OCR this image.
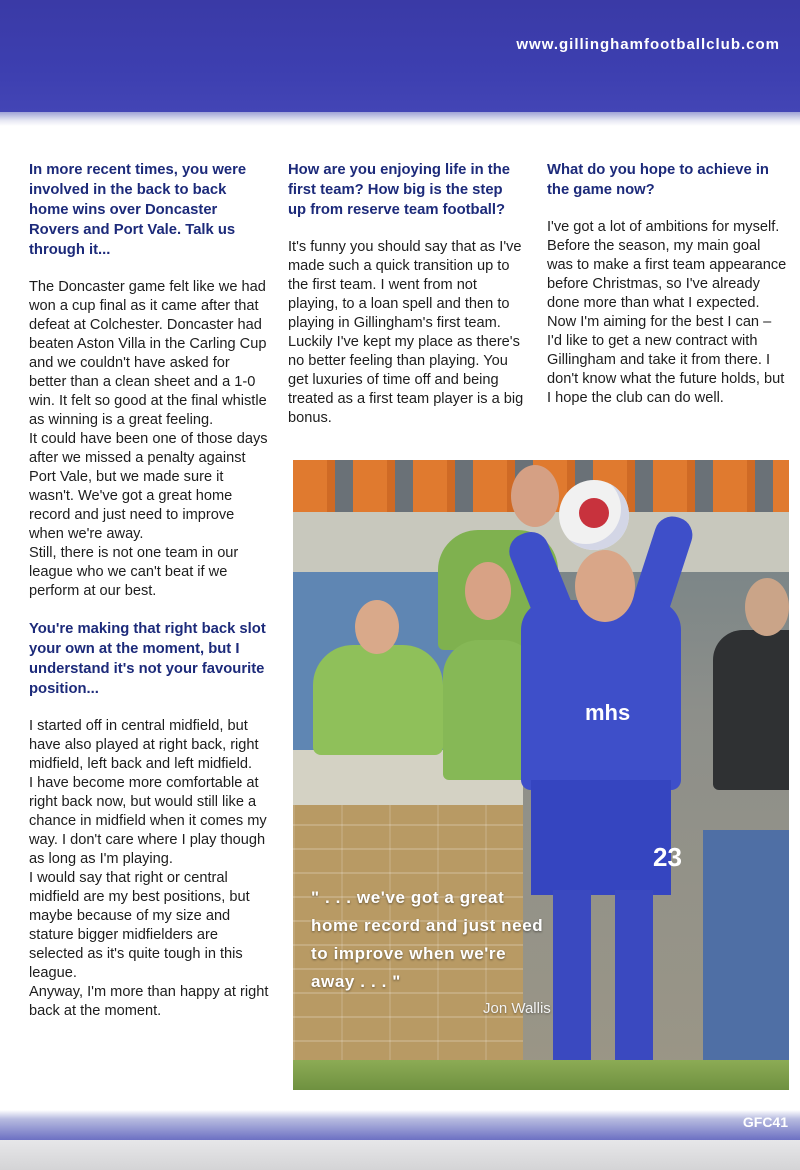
www.gillinghamfootballclub.com

In more recent times, you were involved in the back to back home wins over Doncaster Rovers and Port Vale. Talk us through it...

The Doncaster game felt like we had won a cup final as it came after that defeat at Colchester. Doncaster had beaten Aston Villa in the Carling Cup and we couldn't have asked for better than a clean sheet and a 1-0 win. It felt so good at the final whistle as winning is a great feeling.

It could have been one of those days after we missed a penalty against Port Vale, but we made sure it wasn't. We've got a great home record and just need to improve when we're away.

Still, there is not one team in our league who we can't beat if we perform at our best.

You're making that right back slot your own at the moment, but I understand it's not your favourite position...

I started off in central midfield, but have also played at right back, right midfield, left back and left midfield.

I have become more comfortable at right back now, but would still like a chance in midfield when it comes my way. I don't care where I play though as long as I'm playing.

I would say that right or central midfield are my best positions, but maybe because of my size and stature bigger midfielders are selected as it's quite tough in this league.

Anyway, I'm more than happy at right back at the moment.

How are you enjoying life in the first team? How big is the step up from reserve team football?

It's funny you should say that as I've made such a quick transition up to the first team. I went from not playing, to a loan spell and then to playing in Gillingham's first team.

Luckily I've kept my place as there's no better feeling than playing. You get luxuries of time off and being treated as a first team player is a big bonus.

What do you hope to achieve in the game now?

I've got a lot of ambitions for myself. Before the season, my main goal was to make a first team appearance before Christmas, so I've already done more than what I expected.

Now I'm aiming for the best I can – I'd like to get a new contract with Gillingham and take it from there. I don't know what the future holds, but I hope the club can do well.

mhs
23
" . . . we've got a great home record and just need to improve when we're away . . . "
Jon Wallis
GFC41
